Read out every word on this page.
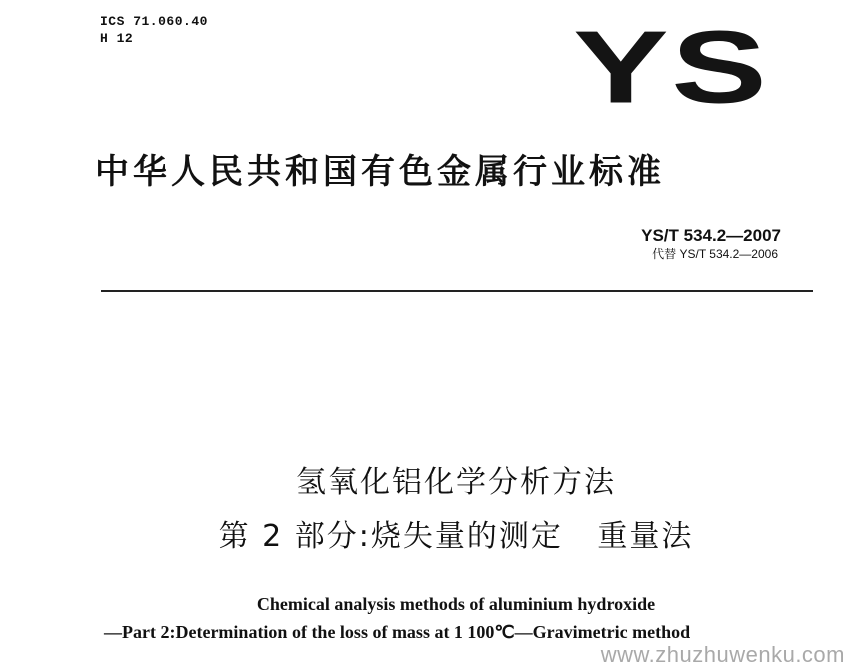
ICS 71.060.40
H 12	YS
中华人民共和国有色金属行业标准
YS/T 534.2—2007
代替 YS/T 534.2—2006
氢氧化铝化学分析方法
第 2 部分:烧失量的测定   重量法
Chemical analysis methods of aluminium hydroxide
—Part 2:Determination of the loss of mass at 1 100℃—Gravimetric method
www.zhuzhuwenku.com
